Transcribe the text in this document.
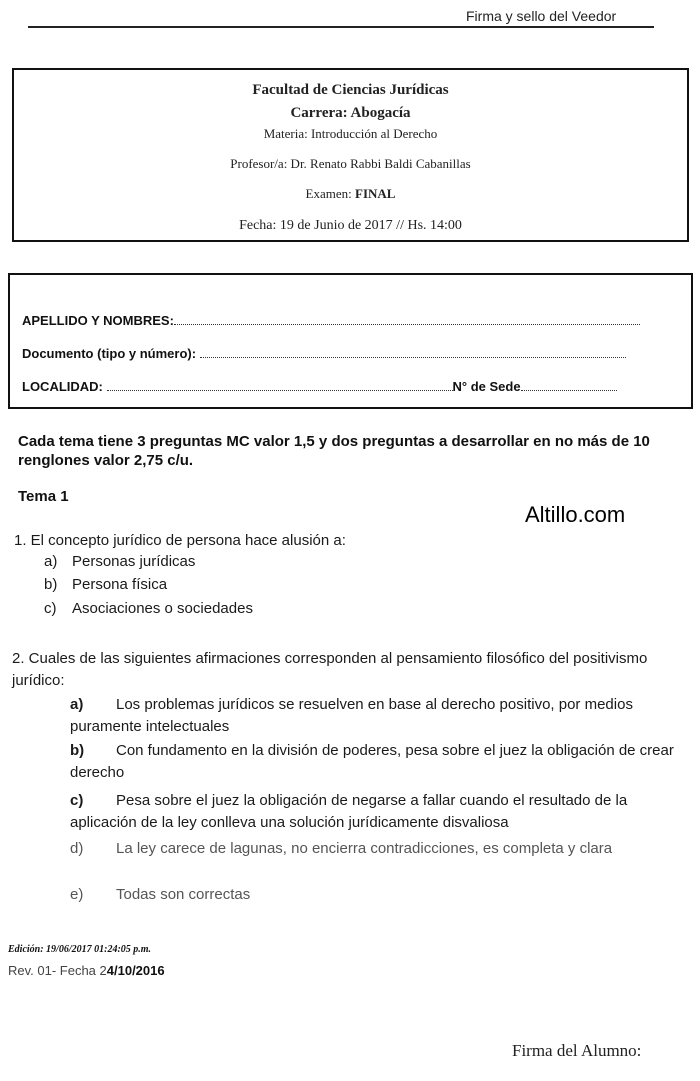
Firma y sello del Veedor
Facultad de Ciencias Jurídicas
Carrera: Abogacía
Materia: Introducción al Derecho
Profesor/a: Dr. Renato Rabbi Baldi Cabanillas
Examen: FINAL
Fecha: 19 de Junio de 2017 // Hs. 14:00
APELLIDO Y NOMBRES:
Documento (tipo y número):
LOCALIDAD:	N° de Sede
Cada tema tiene 3 preguntas MC valor 1,5 y dos preguntas a desarrollar en no más de 10 renglones valor 2,75 c/u.
Tema 1
Altillo.com
1. El concepto jurídico de persona hace alusión a:
a) Personas jurídicas
b) Persona física
c) Asociaciones o sociedades
2. Cuales de las siguientes afirmaciones corresponden al pensamiento filosófico del positivismo jurídico:
a) Los problemas jurídicos se resuelven en base al derecho positivo, por medios puramente intelectuales
b) Con fundamento en la división de poderes, pesa sobre el juez la obligación de crear derecho
c) Pesa sobre el juez la obligación de negarse a fallar cuando el resultado de la aplicación de la ley conlleva una solución jurídicamente disvaliosa
d) La ley carece de lagunas, no encierra contradicciones, es completa y clara
e) Todas son correctas
Edición: 19/06/2017 01:24:05 p.m.
Rev. 01- Fecha 24/10/2016
Firma del Alumno:
